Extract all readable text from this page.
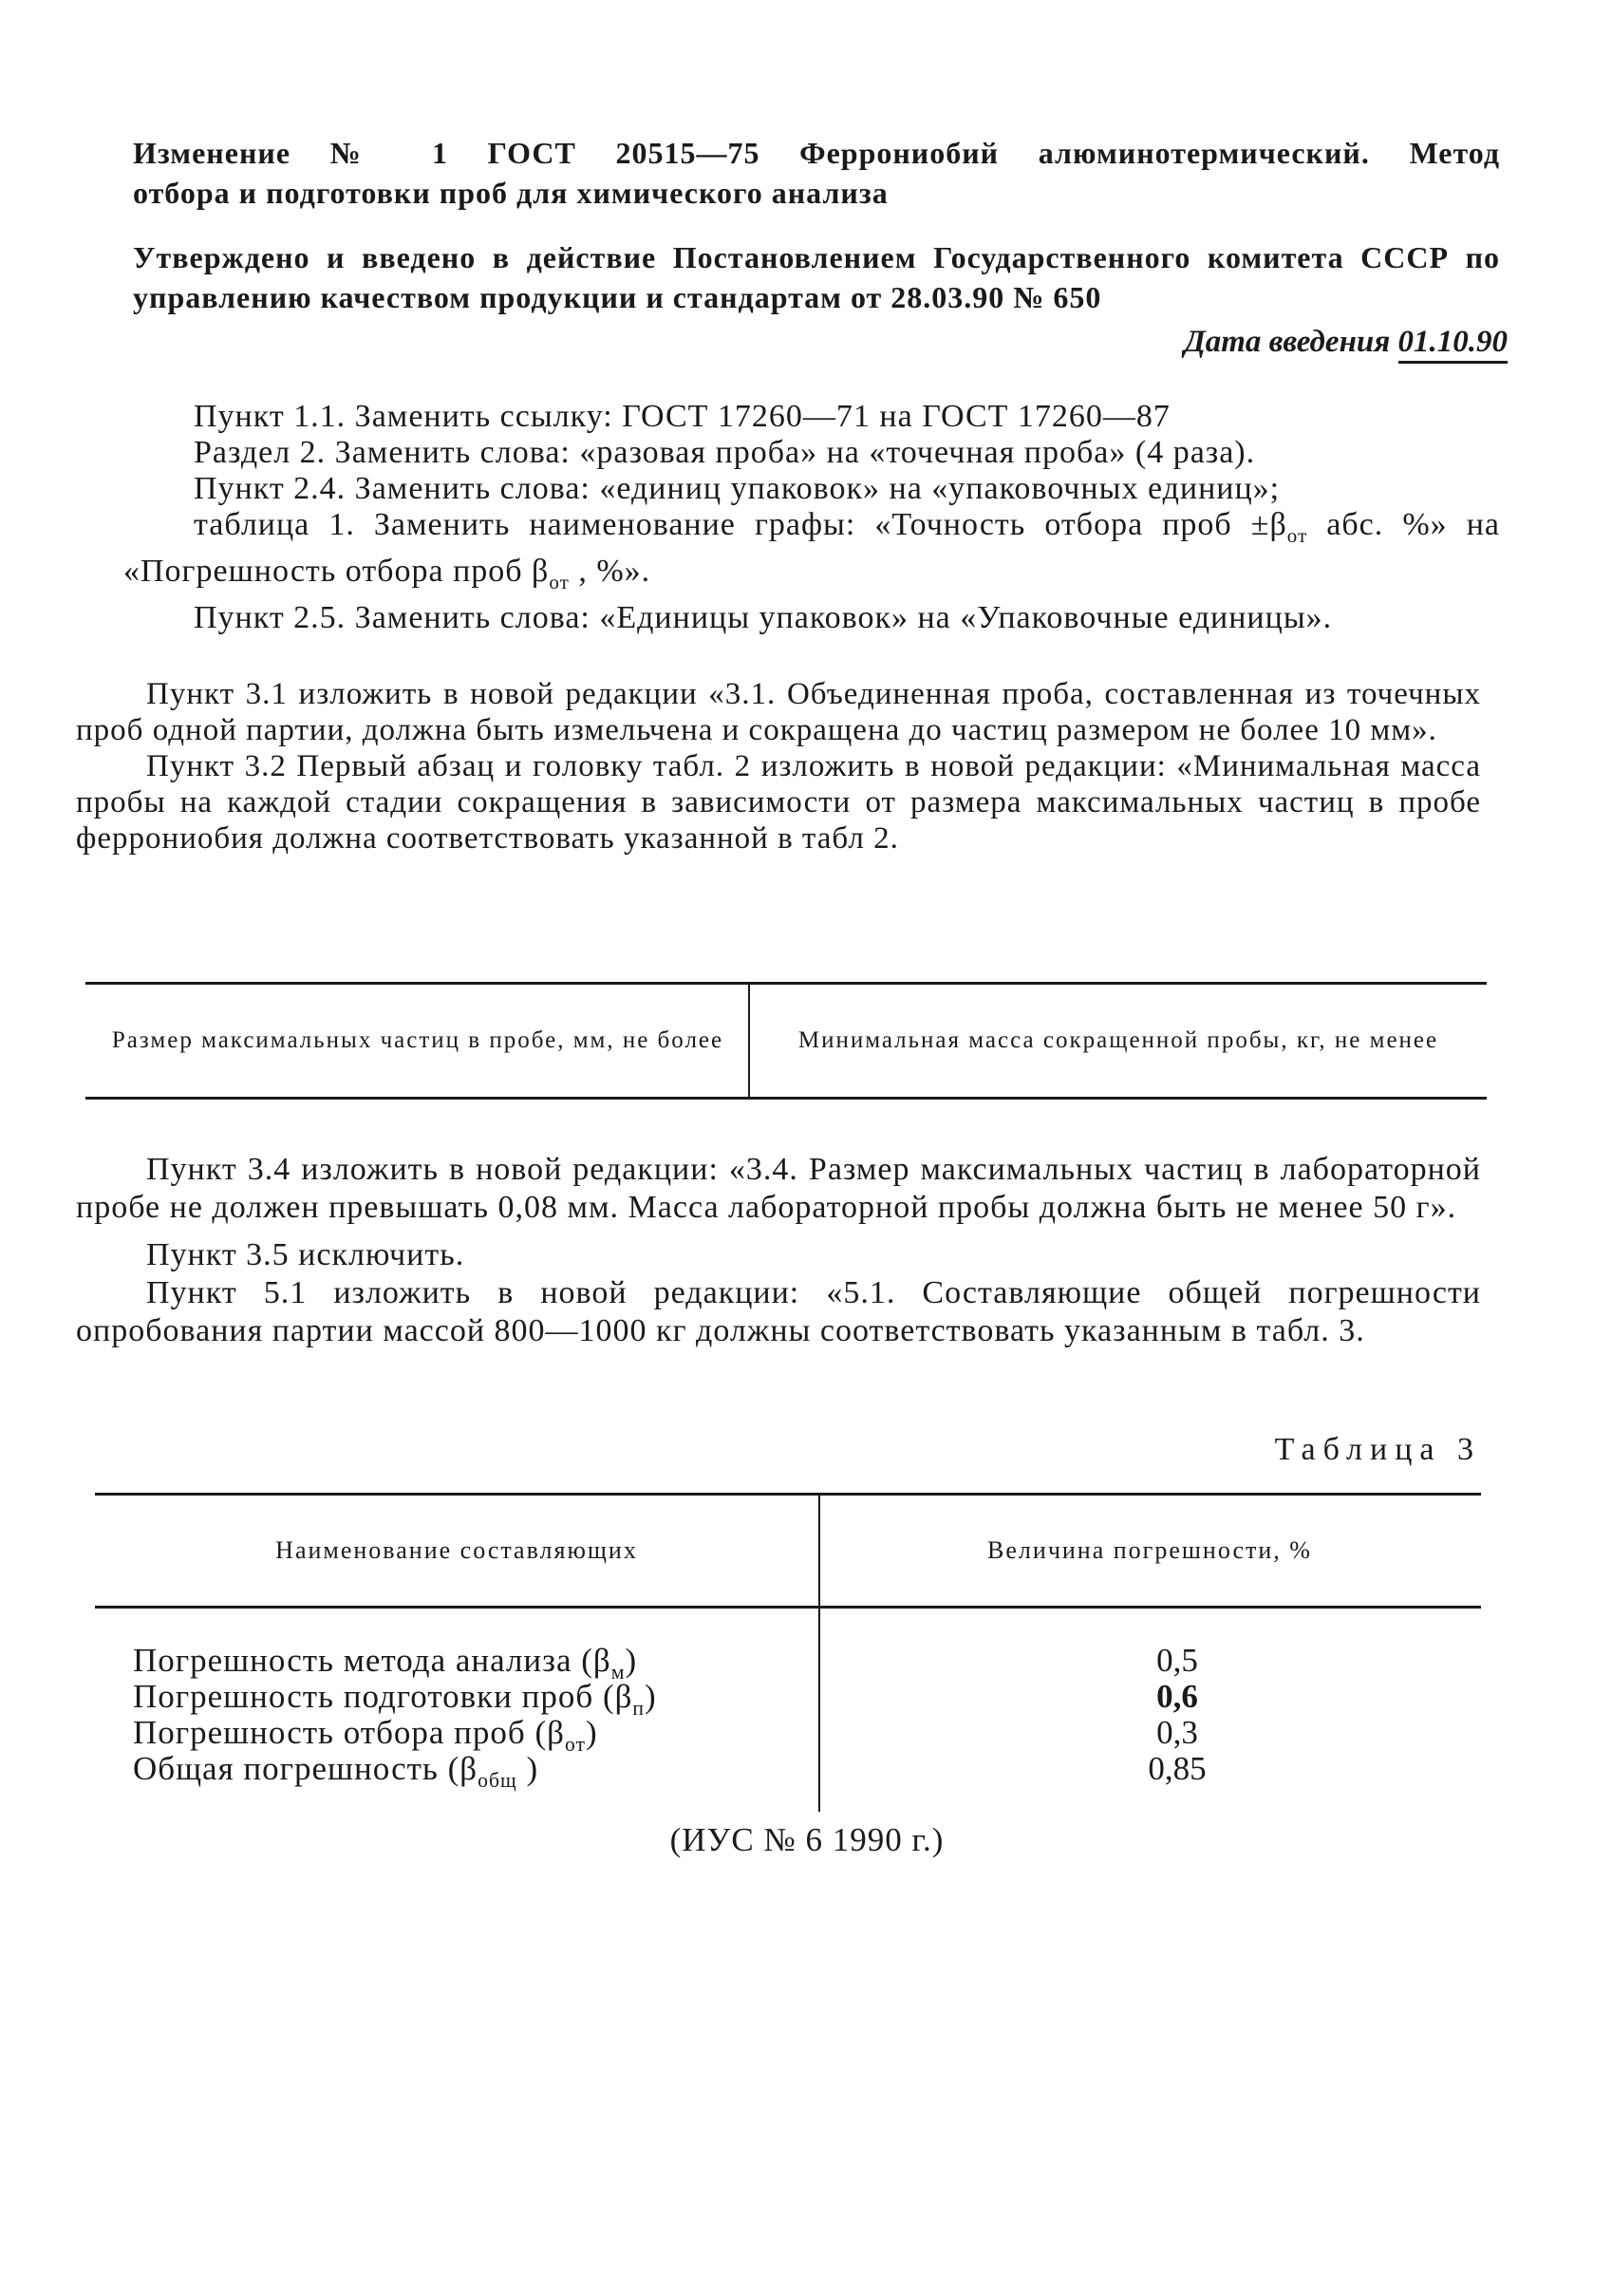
Изменение № 1 ГОСТ 20515—75 Феррониобий алюминотермический. Метод

отбора и подготовки проб для химического анализа

Утверждено и введено в действие Постановлением Государственного комитета СССР по управлению качеством продукции и стандартам от 28.03.90 № 650
Дата введения 01.10.90

Пункт 1.1. Заменить ссылку: ГОСТ 17260—71 на ГОСТ 17260—87

Раздел 2. Заменить слова: «разовая проба» на «точечная проба» (4 раза).

Пункт 2.4. Заменить слова: «единиц упаковок» на «упаковочных единиц»;

таблица 1. Заменить наименование графы: «Точность отбора проб $\pm\beta_{от}$ абс. %» на «Погрешность отбора проб $\beta_{от}$ , %».

Пункт 2.5. Заменить слова: «Единицы упаковок» на «Упаковочные единицы».

Пункт 3.1 изложить в новой редакции «3.1. Объединенная проба, составленная из точечных проб одной партии, должна быть измельчена и сокращена до частиц размером не более 10 мм».

Пункт 3.2 Первый абзац и головку табл. 2 изложить в новой редакции: «Минимальная масса пробы на каждой стадии сокращения в зависимости от размера максимальных частиц в пробе феррониобия должна соответствовать указанной в табл 2.

Размер максимальных частиц в пробе, мм, не более	Минимальная масса сокращенной пробы, кг, не менее

Пункт 3.4 изложить в новой редакции: «3.4. Размер максимальных частиц в лабораторной пробе не должен превышать 0,08 мм. Масса лабораторной пробы должна быть не менее 50 г».

Пункт 3.5 исключить.

Пункт 5.1 изложить в новой редакции: «5.1. Составляющие общей погрешности опробования партии массой 800—1000 кг должны соответствовать указанным в табл. 3.

Таблица 3
Наименование составляющих	Величина погрешности, %
Погрешность метода анализа $(\beta_м)$	0,5
Погрешность подготовки проб $(\beta_п)$	0,6
Погрешность отбора проб $(\beta_{от})$	0,3
Общая погрешность ($\beta_{общ}$ )	0,85
(ИУС № 6 1990 г.)
